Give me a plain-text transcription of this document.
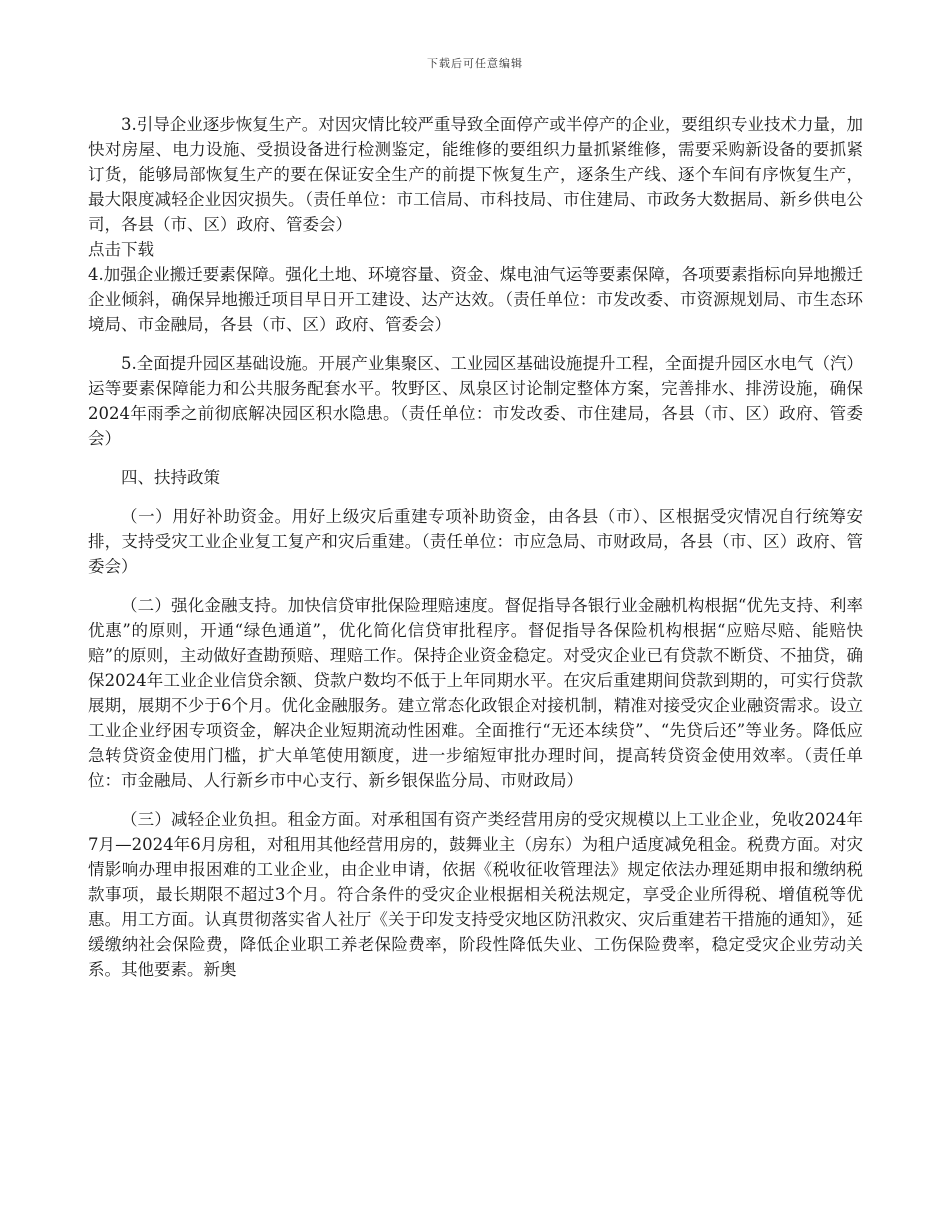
下载后可任意编辑

3.引导企业逐步恢复生产。对因灾情比较严重导致全面停产或半停产的企业，要组织专业技术力量，加快对房屋、电力设施、受损设备进行检测鉴定，能维修的要组织力量抓紧维修，需要采购新设备的要抓紧订货，能够局部恢复生产的要在保证安全生产的前提下恢复生产，逐条生产线、逐个车间有序恢复生产，最大限度减轻企业因灾损失。（责任单位：市工信局、市科技局、市住建局、市政务大数据局、新乡供电公司，各县（市、区）政府、管委会）

点击下载

4.加强企业搬迁要素保障。强化土地、环境容量、资金、煤电油气运等要素保障，各项要素指标向异地搬迁企业倾斜，确保异地搬迁项目早日开工建设、达产达效。（责任单位：市发改委、市资源规划局、市生态环境局、市金融局，各县（市、区）政府、管委会）

5.全面提升园区基础设施。开展产业集聚区、工业园区基础设施提升工程，全面提升园区水电气（汽）运等要素保障能力和公共服务配套水平。牧野区、凤泉区讨论制定整体方案，完善排水、排涝设施，确保2024年雨季之前彻底解决园区积水隐患。（责任单位：市发改委、市住建局，各县（市、区）政府、管委会）

四、扶持政策

（一）用好补助资金。用好上级灾后重建专项补助资金，由各县（市）、区根据受灾情况自行统筹安排，支持受灾工业企业复工复产和灾后重建。（责任单位：市应急局、市财政局，各县（市、区）政府、管委会）

（二）强化金融支持。加快信贷审批保险理赔速度。督促指导各银行业金融机构根据“优先支持、利率优惠”的原则，开通“绿色通道”，优化简化信贷审批程序。督促指导各保险机构根据“应赔尽赔、能赔快赔”的原则，主动做好查勘预赔、理赔工作。保持企业资金稳定。对受灾企业已有贷款不断贷、不抽贷，确保2024年工业企业信贷余额、贷款户数均不低于上年同期水平。在灾后重建期间贷款到期的，可实行贷款展期，展期不少于6个月。优化金融服务。建立常态化政银企对接机制，精准对接受灾企业融资需求。设立工业企业纾困专项资金，解决企业短期流动性困难。全面推行“无还本续贷”、“先贷后还”等业务。降低应急转贷资金使用门槛，扩大单笔使用额度，进一步缩短审批办理时间，提高转贷资金使用效率。（责任单位：市金融局、人行新乡市中心支行、新乡银保监分局、市财政局）

（三）减轻企业负担。租金方面。对承租国有资产类经营用房的受灾规模以上工业企业，免收2024年7月—2024年6月房租，对租用其他经营用房的，鼓舞业主（房东）为租户适度减免租金。税费方面。对灾情影响办理申报困难的工业企业，由企业申请，依据《税收征收管理法》规定依法办理延期申报和缴纳税款事项，最长期限不超过3个月。符合条件的受灾企业根据相关税法规定，享受企业所得税、增值税等优惠。用工方面。认真贯彻落实省人社厅《关于印发支持受灾地区防汛救灾、灾后重建若干措施的通知》，延缓缴纳社会保险费，降低企业职工养老保险费率，阶段性降低失业、工伤保险费率，稳定受灾企业劳动关系。其他要素。新奥
